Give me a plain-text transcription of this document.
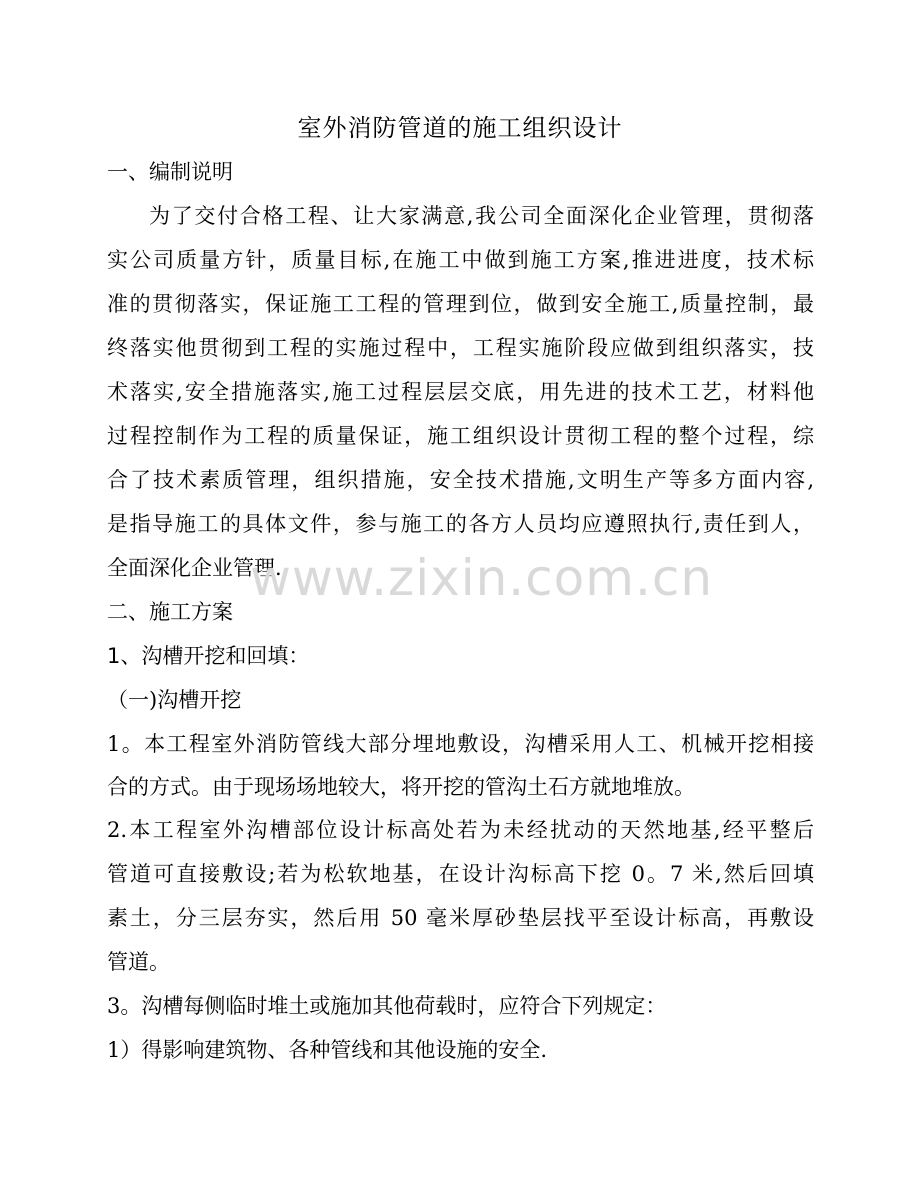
室外消防管道的施工组织设计
一、编制说明
为了交付合格工程、让大家满意,我公司全面深化企业管理，贯彻落
实公司质量方针，质量目标,在施工中做到施工方案,推进进度，技术标
准的贯彻落实，保证施工工程的管理到位，做到安全施工,质量控制，最
终落实他贯彻到工程的实施过程中，工程实施阶段应做到组织落实，技
术落实,安全措施落实,施工过程层层交底，用先进的技术工艺，材料他
过程控制作为工程的质量保证，施工组织设计贯彻工程的整个过程，综
合了技术素质管理，组织措施，安全技术措施,文明生产等多方面内容,
是指导施工的具体文件，参与施工的各方人员均应遵照执行,责任到人，
全面深化企业管理.
二、施工方案
1、沟槽开挖和回填：
（一)沟槽开挖
1。本工程室外消防管线大部分埋地敷设，沟槽采用人工、机械开挖相接
合的方式。由于现场场地较大，将开挖的管沟土石方就地堆放。
2.本工程室外沟槽部位设计标高处若为未经扰动的天然地基,经平整后
管道可直接敷设;若为松软地基，在设计沟标高下挖 0。7 米,然后回填
素土，分三层夯实，然后用 50 毫米厚砂垫层找平至设计标高，再敷设
管道。
3。沟槽每侧临时堆土或施加其他荷载时，应符合下列规定：
1）得影响建筑物、各种管线和其他设施的安全.
www.zixin.com.cn
